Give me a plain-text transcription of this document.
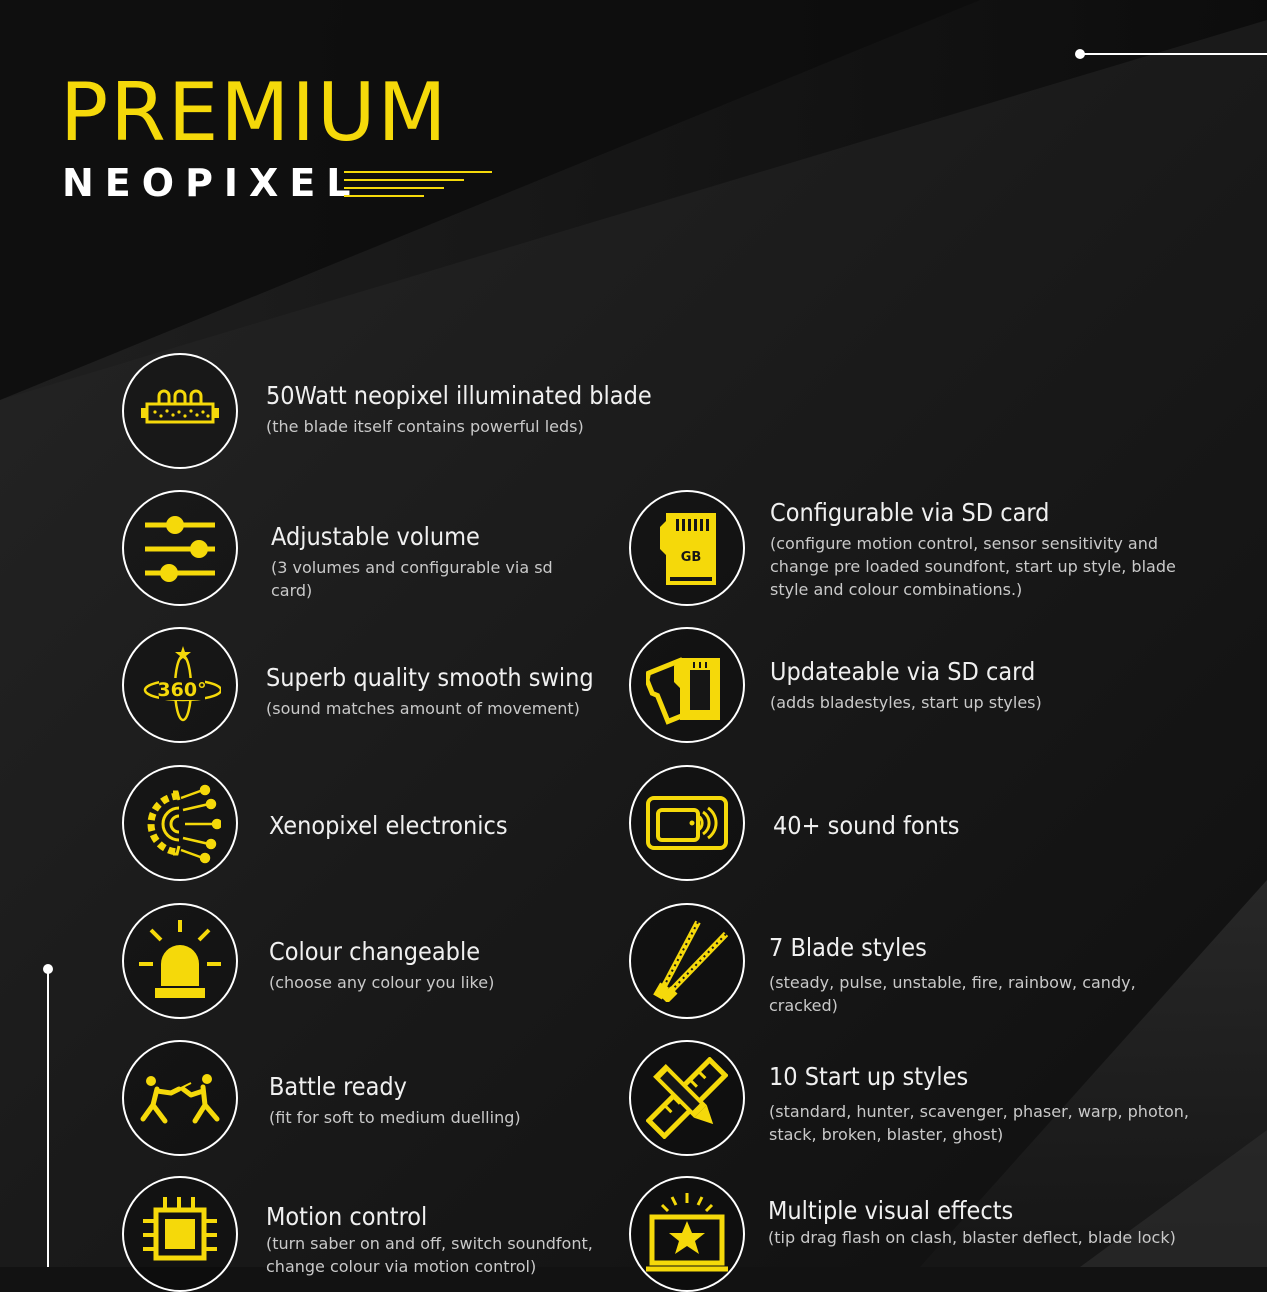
PREMIUM
NEOPIXEL
50Watt neopixel illuminated blade
(the blade itself contains powerful leds)
Adjustable volume
(3 volumes and configurable via sd card)
360° Superb quality smooth swing
(sound matches amount of movement)
Xenopixel electronics
Colour changeable
(choose any colour you like)
Battle ready
(fit for soft to medium duelling)
Motion control
(turn saber on and off, switch soundfont, change colour via motion control)
GB
Configurable via SD card
(configure motion control, sensor sensitivity and change pre loaded soundfont, start up style, blade style and colour combinations.)
Updateable via SD card
(adds bladestyles, start up styles)
40+ sound fonts
7 Blade styles
(steady, pulse, unstable, fire, rainbow, candy, cracked)
10 Start up styles
(standard, hunter, scavenger, phaser, warp, photon, stack, broken, blaster, ghost)
Multiple visual effects
(tip drag flash on clash, blaster deflect, blade lock)
